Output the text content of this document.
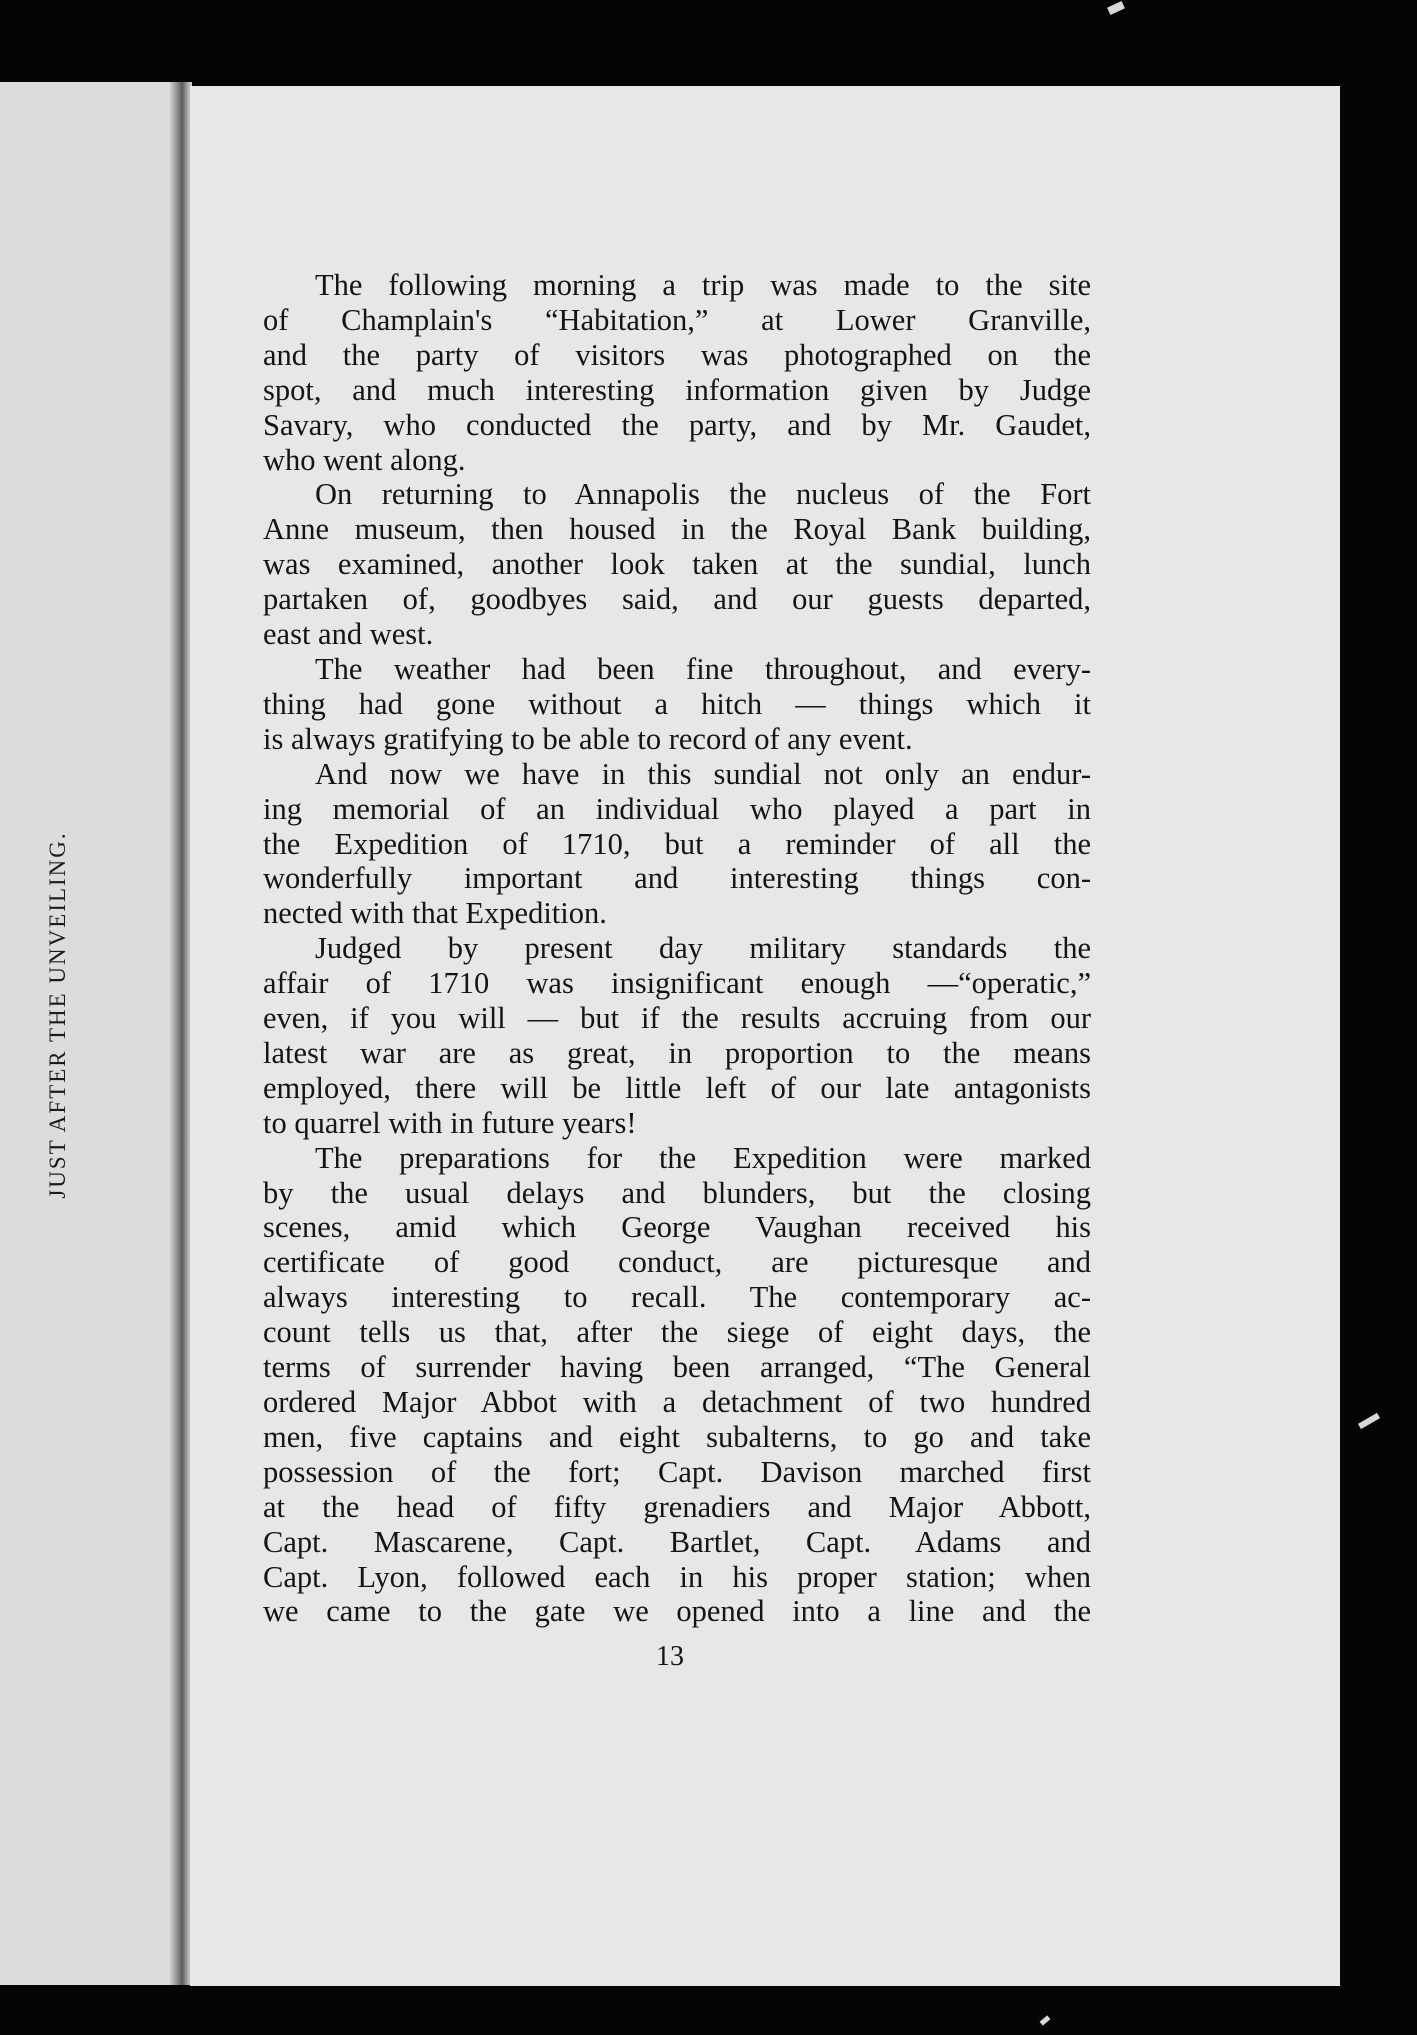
JUST AFTER THE UNVEILING.
The following morning a trip was made to the site
of Champlain's “Habitation,” at Lower Granville,
and the party of visitors was photographed on the
spot, and much interesting information given by Judge
Savary, who conducted the party, and by Mr. Gaudet,
who went along.
On returning to Annapolis the nucleus of the Fort
Anne museum, then housed in the Royal Bank building,
was examined, another look taken at the sundial, lunch
partaken of, goodbyes said, and our guests departed,
east and west.
The weather had been fine throughout, and every-
thing had gone without a hitch — things which it
is always gratifying to be able to record of any event.
And now we have in this sundial not only an endur-
ing memorial of an individual who played a part in
the Expedition of 1710, but a reminder of all the
wonderfully important and interesting things con-
nected with that Expedition.
Judged by present day military standards the
affair of 1710 was insignificant enough —“operatic,”
even, if you will — but if the results accruing from our
latest war are as great, in proportion to the means
employed, there will be little left of our late antagonists
to quarrel with in future years!
The preparations for the Expedition were marked
by the usual delays and blunders, but the closing
scenes, amid which George Vaughan received his
certificate of good conduct, are picturesque and
always interesting to recall. The contemporary ac-
count tells us that, after the siege of eight days, the
terms of surrender having been arranged, “The General
ordered Major Abbot with a detachment of two hundred
men, five captains and eight subalterns, to go and take
possession of the fort; Capt. Davison marched first
at the head of fifty grenadiers and Major Abbott,
Capt. Mascarene, Capt. Bartlet, Capt. Adams and
Capt. Lyon, followed each in his proper station; when
we came to the gate we opened into a line and the
13
